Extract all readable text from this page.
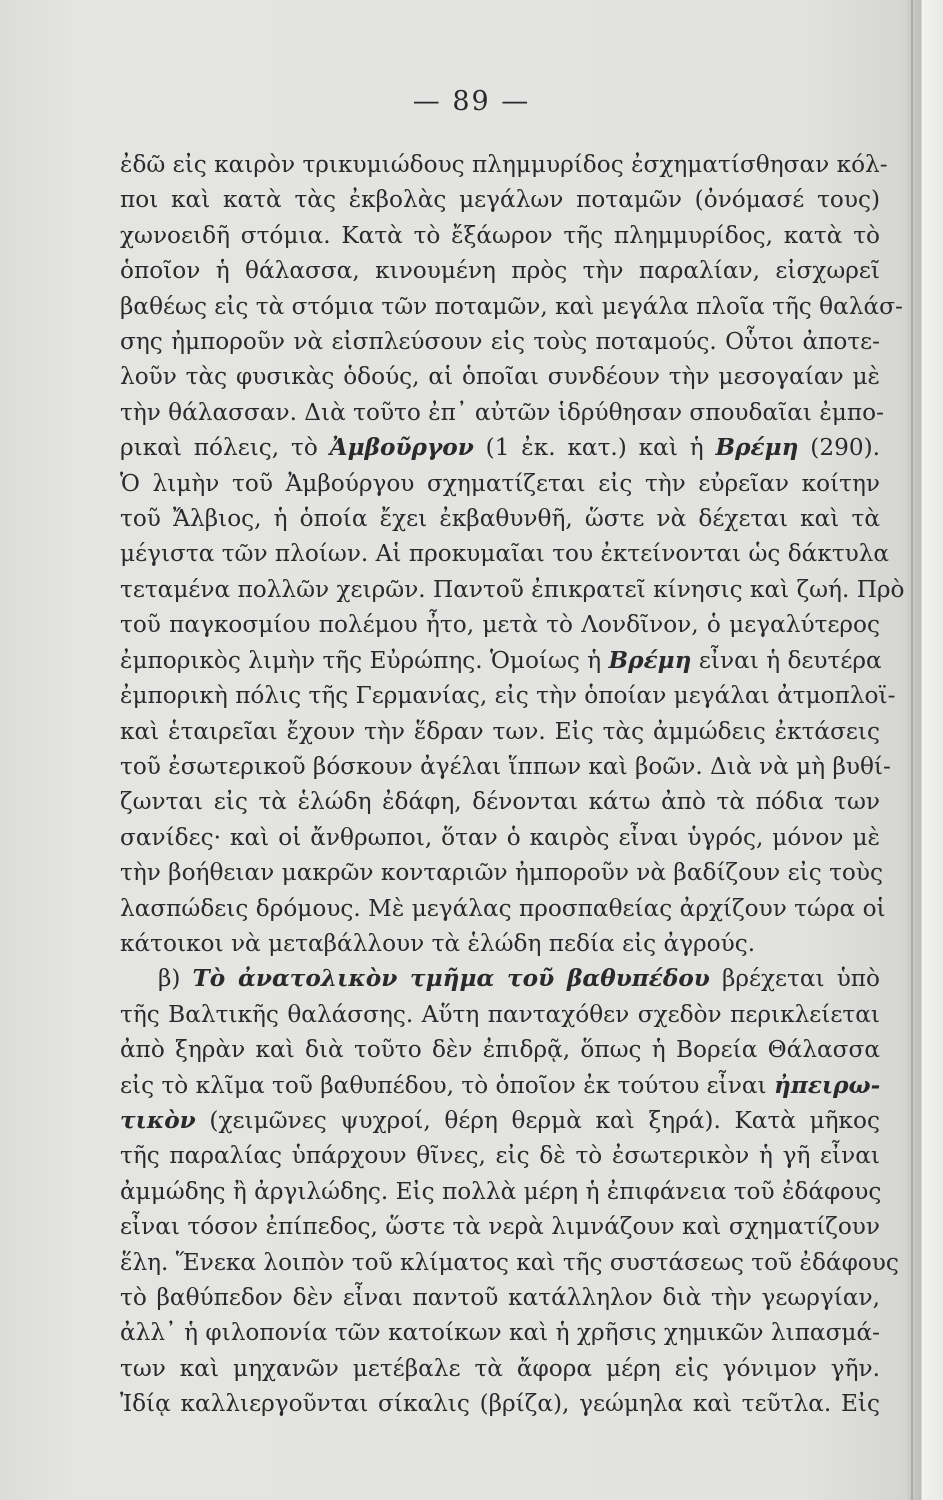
— 89 —
ἐδῶ εἰς καιρὸν τρικυμιώδους πλημμυρίδος ἐσχηματίσθησαν κόλ-
ποι καὶ κατὰ τὰς ἐκβολὰς μεγάλων ποταμῶν (ὀνόμασέ τους)
χωνοειδῆ στόμια. Κατὰ τὸ ἔξάωρον τῆς πλημμυρίδος, κατὰ τὸ
ὁποῖον ἡ θάλασσα, κινουμένη πρὸς τὴν παραλίαν, εἰσχωρεῖ
βαθέως εἰς τὰ στόμια τῶν ποταμῶν, καὶ μεγάλα πλοῖα τῆς θαλάσ-
σης ἠμποροῦν νὰ εἰσπλεύσουν εἰς τοὺς ποταμούς. Οὗτοι ἀποτε-
λοῦν τὰς φυσικὰς ὁδούς, αἱ ὁποῖαι συνδέουν τὴν μεσογαίαν μὲ
τὴν θάλασσαν. Διὰ τοῦτο ἐπ᾽ αὐτῶν ἱδρύθησαν σπουδαῖαι ἐμπο-
ρικαὶ πόλεις, τὸ Ἀμβοῦργον (1 ἐκ. κατ.) καὶ ἡ Βρέμη (290).
Ὁ λιμὴν τοῦ Ἀμβούργου σχηματίζεται εἰς τὴν εὐρεῖαν κοίτην
τοῦ Ἄλβιος, ἡ ὁποία ἔχει ἐκβαθυνθῆ, ὥστε νὰ δέχεται καὶ τὰ
μέγιστα τῶν πλοίων. Αἱ προκυμαῖαι του ἐκτείνονται ὡς δάκτυλα
τεταμένα πολλῶν χειρῶν. Παντοῦ ἐπικρατεῖ κίνησις καὶ ζωή. Πρὸ
τοῦ παγκοσμίου πολέμου ἦτο, μετὰ τὸ Λονδῖνον, ὁ μεγαλύτερος
ἐμπορικὸς λιμὴν τῆς Εὐρώπης. Ὁμοίως ἡ Βρέμη εἶναι ἡ δευτέρα
ἐμπορικὴ πόλις τῆς Γερμανίας, εἰς τὴν ὁποίαν μεγάλαι ἀτμοπλοϊ-
καὶ ἑταιρεῖαι ἔχουν τὴν ἕδραν των. Εἰς τὰς ἀμμώδεις ἐκτάσεις
τοῦ ἐσωτερικοῦ βόσκουν ἀγέλαι ἵππων καὶ βοῶν. Διὰ νὰ μὴ βυθί-
ζωνται εἰς τὰ ἑλώδη ἐδάφη, δένονται κάτω ἀπὸ τὰ πόδια των
σανίδες· καὶ οἱ ἄνθρωποι, ὅταν ὁ καιρὸς εἶναι ὑγρός, μόνον μὲ
τὴν βοήθειαν μακρῶν κονταριῶν ἠμποροῦν νὰ βαδίζουν εἰς τοὺς
λασπώδεις δρόμους. Μὲ μεγάλας προσπαθείας ἀρχίζουν τώρα οἱ
κάτοικοι νὰ μεταβάλλουν τὰ ἑλώδη πεδία εἰς ἀγρούς.
β) Τὸ ἀνατολικὸν τμῆμα τοῦ βαθυπέδου βρέχεται ὑπὸ
τῆς Βαλτικῆς θαλάσσης. Αὕτη πανταχόθεν σχεδὸν περικλείεται
ἀπὸ ξηρὰν καὶ διὰ τοῦτο δὲν ἐπιδρᾷ, ὅπως ἡ Βορεία Θάλασσα
εἰς τὸ κλῖμα τοῦ βαθυπέδου, τὸ ὁποῖον ἐκ τούτου εἶναι ἠπειρω-
τικὸν (χειμῶνες ψυχροί, θέρη θερμὰ καὶ ξηρά). Κατὰ μῆκος
τῆς παραλίας ὑπάρχουν θῖνες, εἰς δὲ τὸ ἐσωτερικὸν ἡ γῆ εἶναι
ἀμμώδης ἢ ἀργιλώδης. Εἰς πολλὰ μέρη ἡ ἐπιφάνεια τοῦ ἐδάφους
εἶναι τόσον ἐπίπεδος, ὥστε τὰ νερὰ λιμνάζουν καὶ σχηματίζουν
ἕλη. Ἕνεκα λοιπὸν τοῦ κλίματος καὶ τῆς συστάσεως τοῦ ἐδάφους
τὸ βαθύπεδον δὲν εἶναι παντοῦ κατάλληλον διὰ τὴν γεωργίαν,
ἀλλ᾽ ἡ φιλοπονία τῶν κατοίκων καὶ ἡ χρῆσις χημικῶν λιπασμά-
των καὶ μηχανῶν μετέβαλε τὰ ἄφορα μέρη εἰς γόνιμον γῆν.
Ἰδίᾳ καλλιεργοῦνται σίκαλις (βρίζα), γεώμηλα καὶ τεῦτλα. Εἰς
